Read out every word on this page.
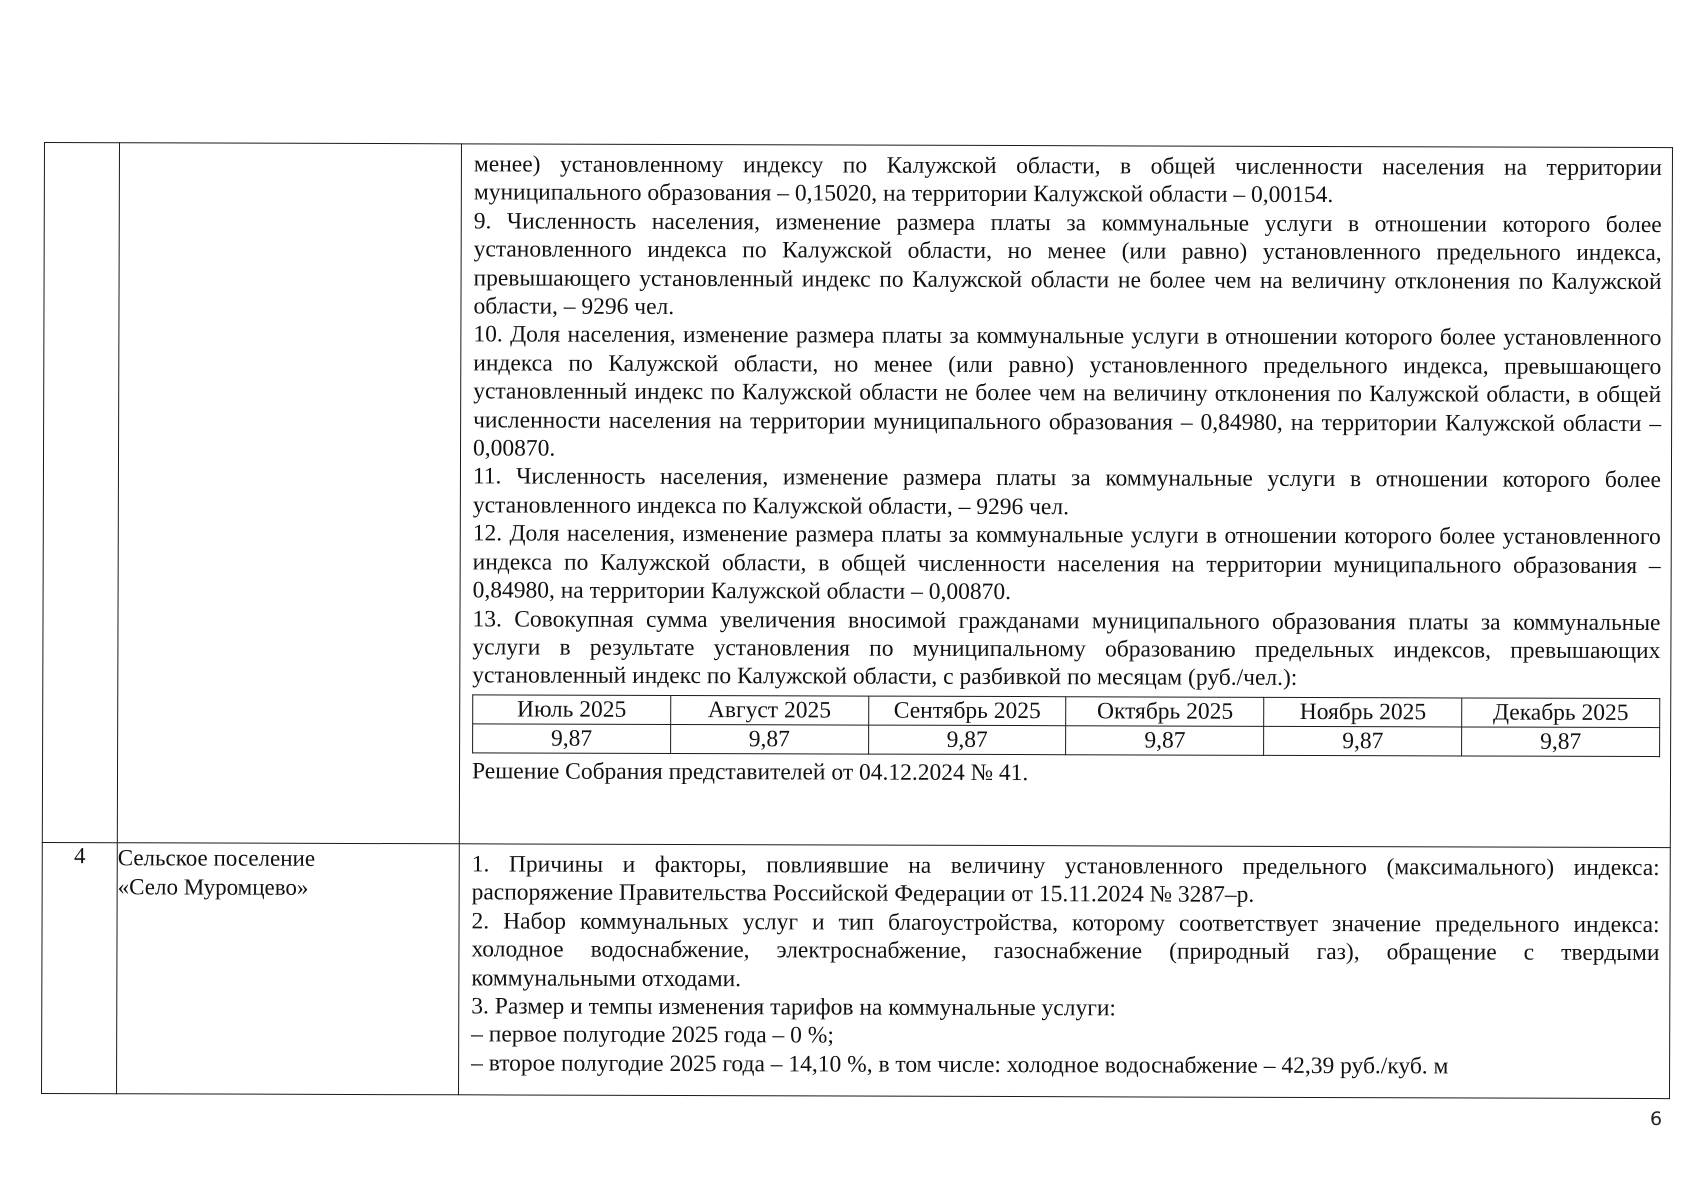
менее) установленному индексу по Калужской области, в общей численности населения на территории муниципального образования – 0,15020, на территории Калужской области – 0,00154.

9. Численность населения, изменение размера платы за коммунальные услуги в отношении которого более установленного индекса по Калужской области, но менее (или равно) установленного предельного индекса, превышающего установленный индекс по Калужской области не более чем на величину отклонения по Калужской области, – 9296 чел.

10. Доля населения, изменение размера платы за коммунальные услуги в отношении которого более установленного индекса по Калужской области, но менее (или равно) установленного предельного индекса, превышающего установленный индекс по Калужской области не более чем на величину отклонения по Калужской области, в общей численности населения на территории муниципального образования – 0,84980, на территории Калужской области – 0,00870.

11. Численность населения, изменение размера платы за коммунальные услуги в отношении которого более установленного индекса по Калужской области, – 9296 чел.

12. Доля населения, изменение размера платы за коммунальные услуги в отношении которого более установленного индекса по Калужской области, в общей численности населения на территории муниципального образования – 0,84980, на территории Калужской области – 0,00870.

13. Совокупная сумма увеличения вносимой гражданами муниципального образования платы за коммунальные услуги в результате установления по муниципальному образованию предельных индексов, превышающих установленный индекс по Калужской области, с разбивкой по месяцам (руб./чел.):

Июль 2025	Август 2025	Сентябрь 2025	Октябрь 2025	Ноябрь 2025	Декабрь 2025
9,87	9,87	9,87	9,87	9,87	9,87

Решение Собрания представителей от 04.12.2024 № 41.

4	Сельское поселение
«Село Муромцево»

1. Причины и факторы, повлиявшие на величину установленного предельного (максимального) индекса: распоряжение Правительства Российской Федерации от 15.11.2024 № 3287–р.

2. Набор коммунальных услуг и тип благоустройства, которому соответствует значение предельного индекса: холодное водоснабжение, электроснабжение, газоснабжение (природный газ), обращение с твердыми коммунальными отходами.

3. Размер и темпы изменения тарифов на коммунальные услуги:

– первое полугодие 2025 года – 0 %;

– второе полугодие 2025 года – 14,10 %, в том числе: холодное водоснабжение – 42,39 руб./куб. м

6
